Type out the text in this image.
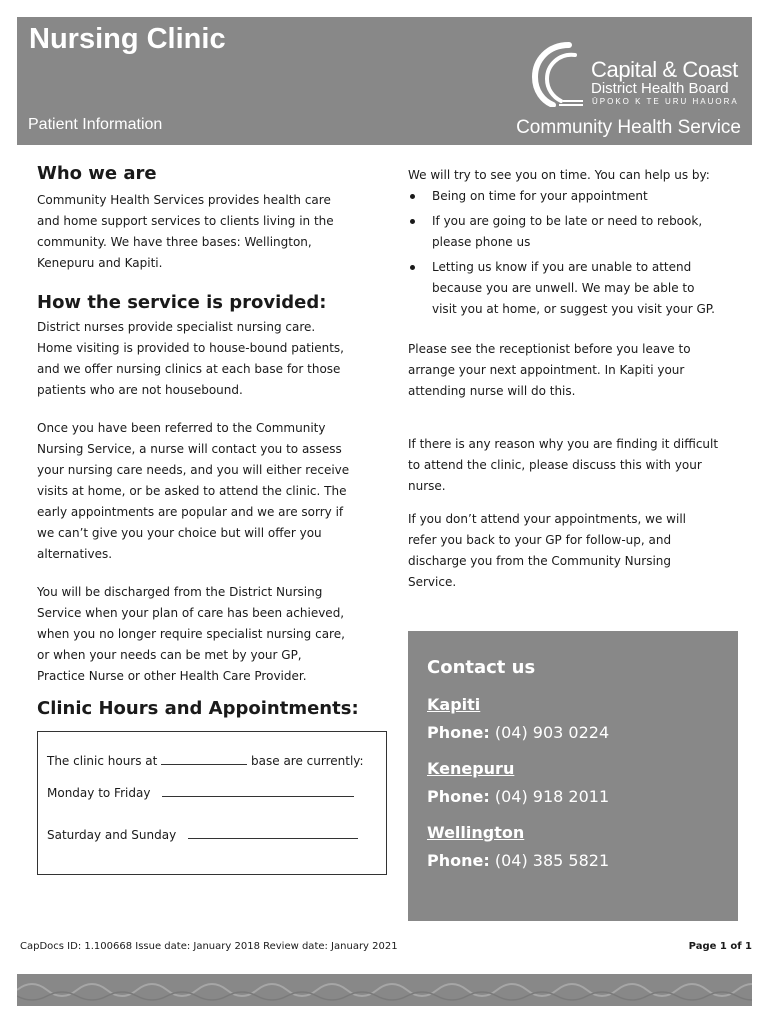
Nursing Clinic
Patient Information	Community Health Service
Capital & Coast
District Health Board
ŪPOKO K TE URU HAUORA
Who we are

Community Health Services provides health care

and home support services to clients living in the

community. We have three bases: Wellington,

Kenepuru and Kapiti.

How the service is provided:

District nurses provide specialist nursing care.

Home visiting is provided to house-bound patients,

and we offer nursing clinics at each base for those

patients who are not housebound.

Once you have been referred to the Community

Nursing Service, a nurse will contact you to assess

your nursing care needs, and you will either receive

visits at home, or be asked to attend the clinic. The

early appointments are popular and we are sorry if

we can’t give you your choice but will offer you

alternatives.

You will be discharged from the District Nursing

Service when your plan of care has been achieved,

when you no longer require specialist nursing care,

or when your needs can be met by your GP,

Practice Nurse or other Health Care Provider.

Clinic Hours and Appointments:
The clinic hours at	base are currently:
Monday to Friday
Saturday and Sunday

We will try to see you on time. You can help us by:

Being on time for your appointment
If you are going to be late or need to rebook,
please phone us
Letting us know if you are unable to attend
because you are unwell. We may be able to
visit you at home, or suggest you visit your GP.

Please see the receptionist before you leave to

arrange your next appointment. In Kapiti your

attending nurse will do this.

If there is any reason why you are finding it difficult

to attend the clinic, please discuss this with your

nurse.

If you don’t attend your appointments, we will

refer you back to your GP for follow-up, and

discharge you from the Community Nursing

Service.

Contact us
Kapiti
Phone: (04) 903 0224
Kenepuru
Phone: (04) 918 2011
Wellington
Phone: (04) 385 5821
CapDocs ID: 1.100668 Issue date: January 2018 Review date: January 2021	Page 1 of 1
